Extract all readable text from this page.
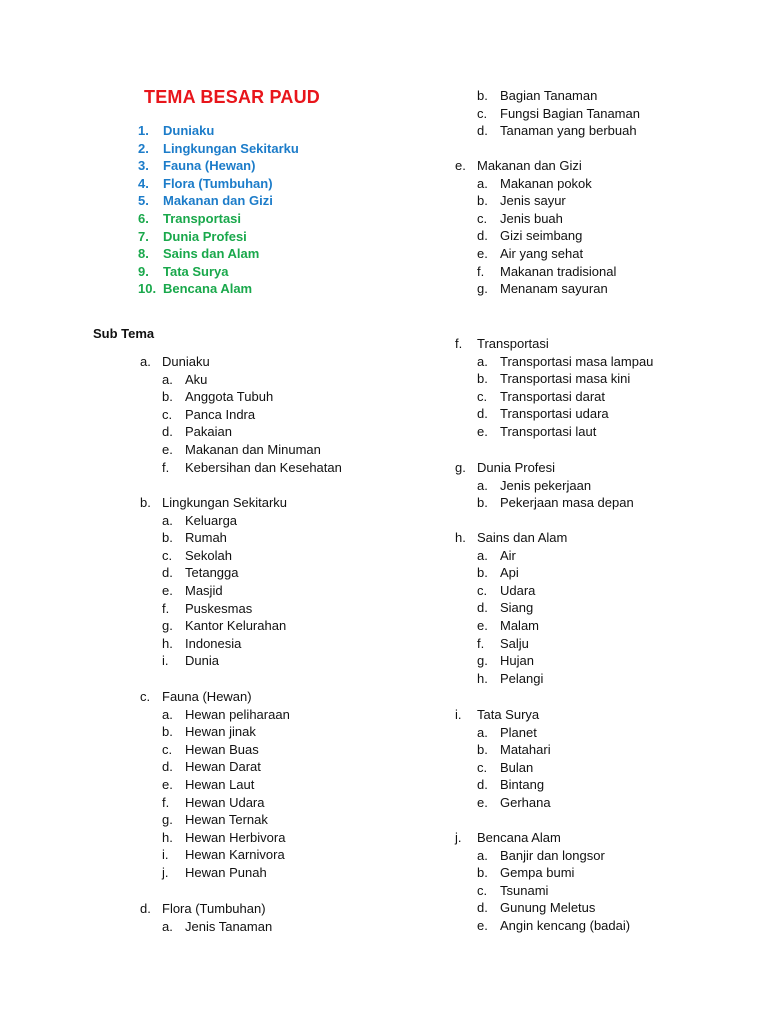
TEMA BESAR PAUD
1.	Duniaku
2.	Lingkungan Sekitarku
3.	Fauna (Hewan)
4.	Flora (Tumbuhan)
5.	Makanan dan Gizi
6.	Transportasi
7.	Dunia Profesi
8.	Sains dan Alam
9.	Tata Surya
10. Bencana Alam
Sub Tema
a. Duniaku
a. Aku
b. Anggota Tubuh
c. Panca Indra
d. Pakaian
e. Makanan dan Minuman
f. Kebersihan dan Kesehatan
b. Lingkungan Sekitarku
a. Keluarga
b. Rumah
c. Sekolah
d. Tetangga
e. Masjid
f. Puskesmas
g. Kantor Kelurahan
h. Indonesia
i. Dunia
c. Fauna (Hewan)
a. Hewan peliharaan
b. Hewan jinak
c. Hewan Buas
d. Hewan Darat
e. Hewan Laut
f. Hewan Udara
g. Hewan Ternak
h. Hewan Herbivora
i. Hewan Karnivora
j. Hewan Punah
d. Flora (Tumbuhan)
a. Jenis Tanaman
b. Bagian Tanaman
c. Fungsi Bagian Tanaman
d. Tanaman yang berbuah
e. Makanan dan Gizi
a. Makanan pokok
b. Jenis sayur
c. Jenis buah
d. Gizi seimbang
e. Air yang sehat
f. Makanan tradisional
g. Menanam sayuran
f. Transportasi
a. Transportasi masa lampau
b. Transportasi masa kini
c. Transportasi darat
d. Transportasi udara
e. Transportasi laut
g. Dunia Profesi
a. Jenis pekerjaan
b. Pekerjaan masa depan
h. Sains dan Alam
a. Air
b. Api
c. Udara
d. Siang
e. Malam
f. Salju
g. Hujan
h. Pelangi
i. Tata Surya
a. Planet
b. Matahari
c. Bulan
d. Bintang
e. Gerhana
j. Bencana Alam
a. Banjir dan longsor
b. Gempa bumi
c. Tsunami
d. Gunung Meletus
e. Angin kencang (badai)
